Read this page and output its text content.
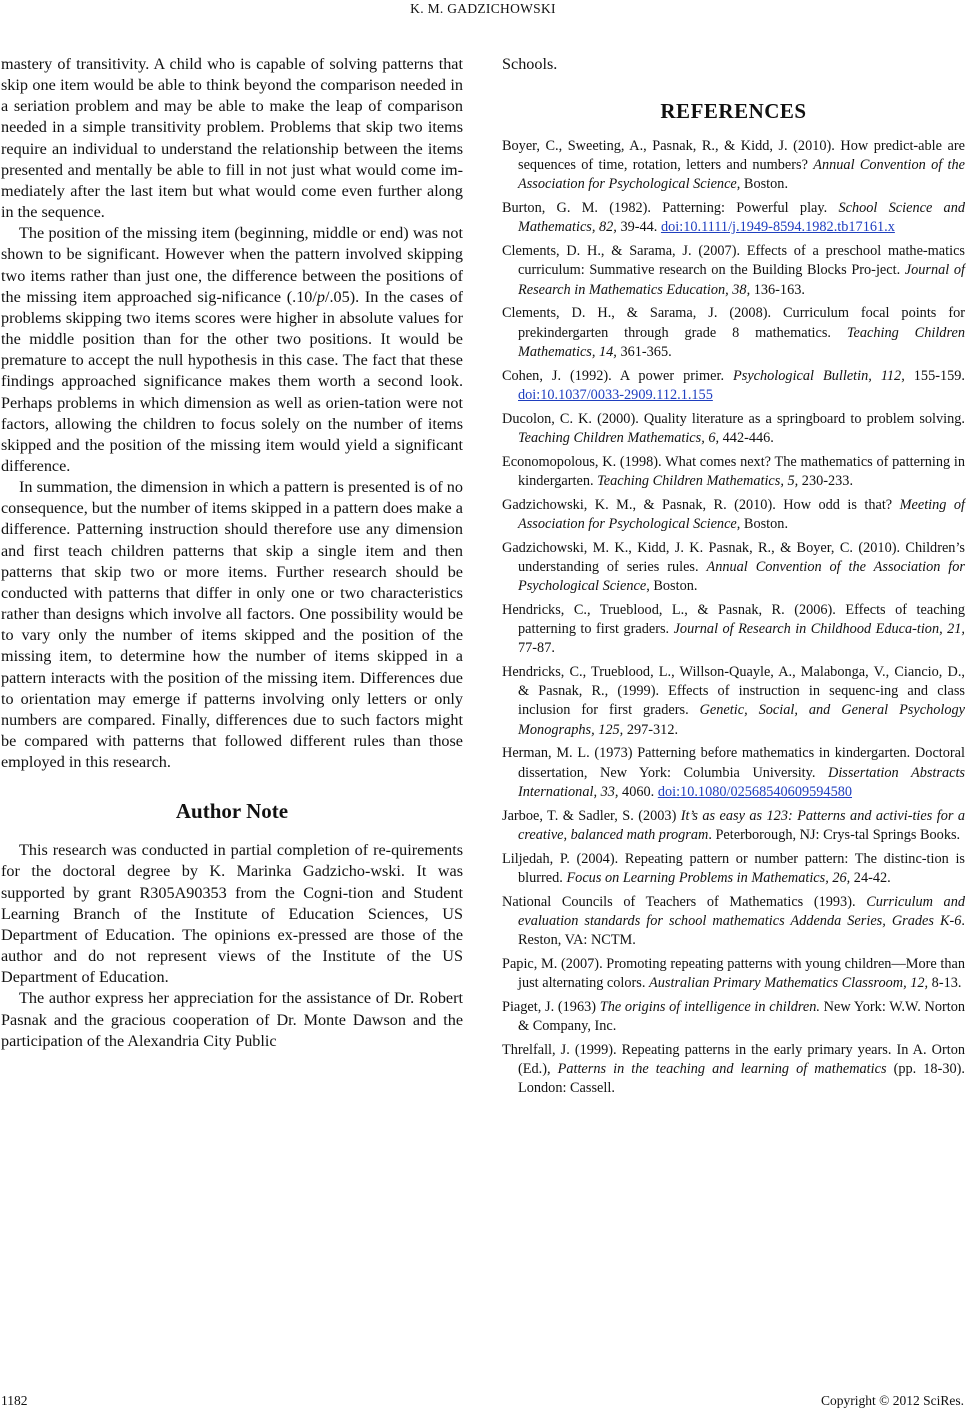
K. M. GADZICHOWSKI

mastery of transitivity. A child who is capable of solving patterns that skip one item would be able to think beyond the comparison needed in a seriation problem and may be able to make the leap of comparison needed in a simple transitivity problem. Problems that skip two items require an individual to understand the relationship between the items presented and mentally be able to fill in not just what would come im-mediately after the last item but what would come even further along in the sequence.

The position of the missing item (beginning, middle or end) was not shown to be significant. However when the pattern involved skipping two items rather than just one, the difference between the positions of the missing item approached sig-nificance (.10/p/.05). In the cases of problems skipping two items scores were higher in absolute values for the middle position than for the other two positions. It would be premature to accept the null hypothesis in this case. The fact that these findings approached significance makes them worth a second look. Perhaps problems in which dimension as well as orien-tation were not factors, allowing the children to focus solely on the number of items skipped and the position of the missing item would yield a significant difference.

In summation, the dimension in which a pattern is presented is of no consequence, but the number of items skipped in a pattern does make a difference. Patterning instruction should therefore use any dimension and first teach children patterns that skip a single item and then patterns that skip two or more items. Further research should be conducted with patterns that differ in only one or two characteristics rather than designs which involve all factors. One possibility would be to vary only the number of items skipped and the position of the missing item, to determine how the number of items skipped in a pattern interacts with the position of the missing item. Differences due to orientation may emerge if patterns involving only letters or only numbers are compared. Finally, differences due to such factors might be compared with patterns that followed different rules than those employed in this research.

Author Note

This research was conducted in partial completion of re-quirements for the doctoral degree by K. Marinka Gadzicho-wski. It was supported by grant R305A90353 from the Cogni-tion and Student Learning Branch of the Institute of Education Sciences, US Department of Education. The opinions ex-pressed are those of the author and do not represent views of the Institute of the US Department of Education.

The author express her appreciation for the assistance of Dr. Robert Pasnak and the gracious cooperation of Dr. Monte Dawson and the participation of the Alexandria City Public

Schools.

REFERENCES

Boyer, C., Sweeting, A., Pasnak, R., & Kidd, J. (2010). How predict-able are sequences of time, rotation, letters and numbers? Annual Convention of the Association for Psychological Science, Boston.

Burton, G. M. (1982). Patterning: Powerful play. School Science and Mathematics, 82, 39-44. doi:10.1111/j.1949-8594.1982.tb17161.x

Clements, D. H., & Sarama, J. (2007). Effects of a preschool mathe-matics curriculum: Summative research on the Building Blocks Pro-ject. Journal of Research in Mathematics Education, 38, 136-163.

Clements, D. H., & Sarama, J. (2008). Curriculum focal points for prekindergarten through grade 8 mathematics. Teaching Children Mathematics, 14, 361-365.

Cohen, J. (1992). A power primer. Psychological Bulletin, 112, 155-159. doi:10.1037/0033-2909.112.1.155

Ducolon, C. K. (2000). Quality literature as a springboard to problem solving. Teaching Children Mathematics, 6, 442-446.

Economopolous, K. (1998). What comes next? The mathematics of patterning in kindergarten. Teaching Children Mathematics, 5, 230-233.

Gadzichowski, K. M., & Pasnak, R. (2010). How odd is that? Meeting of Association for Psychological Science, Boston.

Gadzichowski, M. K., Kidd, J. K. Pasnak, R., & Boyer, C. (2010). Children’s understanding of series rules. Annual Convention of the Association for Psychological Science, Boston.

Hendricks, C., Trueblood, L., & Pasnak, R. (2006). Effects of teaching patterning to first graders. Journal of Research in Childhood Educa-tion, 21, 77-87.

Hendricks, C., Trueblood, L., Willson-Quayle, A., Malabonga, V., Ciancio, D., & Pasnak, R., (1999). Effects of instruction in sequenc-ing and class inclusion for first graders. Genetic, Social, and General Psychology Monographs, 125, 297-312.

Herman, M. L. (1973) Patterning before mathematics in kindergarten. Doctoral dissertation, New York: Columbia University. Dissertation Abstracts International, 33, 4060. doi:10.1080/02568540609594580

Jarboe, T. & Sadler, S. (2003) It’s as easy as 123: Patterns and activi-ties for a creative, balanced math program. Peterborough, NJ: Crys-tal Springs Books.

Liljedah, P. (2004). Repeating pattern or number pattern: The distinc-tion is blurred. Focus on Learning Problems in Mathematics, 26, 24-42.

National Councils of Teachers of Mathematics (1993). Curriculum and evaluation standards for school mathematics Addenda Series, Grades K-6. Reston, VA: NCTM.

Papic, M. (2007). Promoting repeating patterns with young children—More than just alternating colors. Australian Primary Mathematics Classroom, 12, 8-13.

Piaget, J. (1963) The origins of intelligence in children. New York: W.W. Norton & Company, Inc.

Threlfall, J. (1999). Repeating patterns in the early primary years. In A. Orton (Ed.), Patterns in the teaching and learning of mathematics (pp. 18-30). London: Cassell.

1182	Copyright © 2012 SciRes.
